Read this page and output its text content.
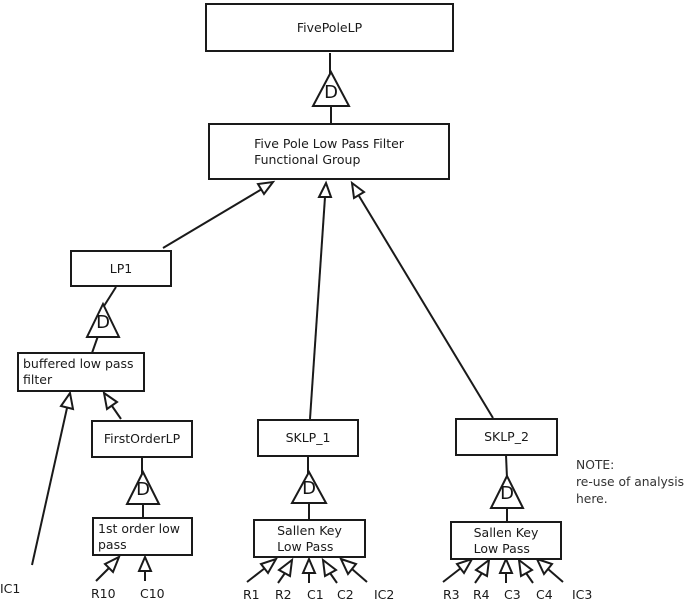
FivePoleLP
Five Pole Low Pass Filter
Functional Group
LP1
buffered low pass
filter
FirstOrderLP
1st order low
pass
SKLP_1
Sallen Key
Low Pass
SKLP_2
Sallen Key
Low Pass
D
D
D	D	D
NOTE:
re-use of analysis
here.
IC1	R10 C10	R1 R2 C1 C2 IC2	R3 R4 C3 C4 IC3
